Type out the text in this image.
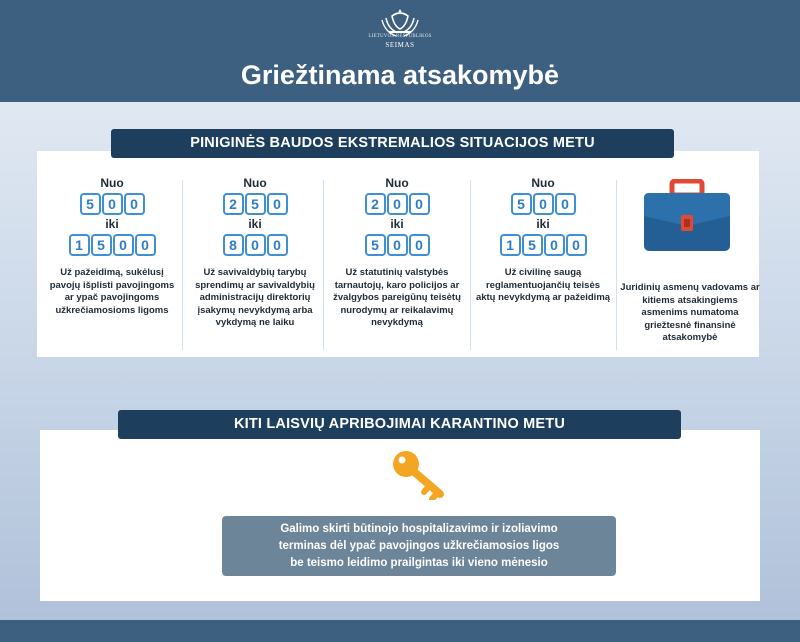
LIETUVOS RESPUBLIKOS
SEIMAS
Griežtinama atsakomybė
PINIGINĖS BAUDOS EKSTREMALIOS SITUACIJOS METU
Nuo
5	0	0
iki
1	5	0	0
Už pažeidimą, sukėlusį pavojų išplisti pavojingoms ar ypač pavojingoms užkrečiamosioms ligoms
Nuo
2	5	0
iki
8	0	0
Už savivaldybių tarybų sprendimų ar savivaldybių administracijų direktorių įsakymų nevykdymą arba vykdymą ne laiku
Nuo
2	0	0
iki
5	0	0
Už statutinių valstybės tarnautojų, karo policijos ar žvalgybos pareigūnų teisėtų nurodymų ar reikalavimų nevykdymą
Nuo
5	0	0
iki
1	5	0	0
Už civilinę saugą reglamentuojančių teisės aktų nevykdymą ar pažeidimą
Juridinių asmenų vadovams ar kitiems atsakingiems asmenims numatoma griežtesnė finansinė atsakomybė
KITI LAISVIŲ APRIBOJIMAI KARANTINO METU
Galimo skirti būtinojo hospitalizavimo ir izoliavimo
terminas dėl ypač pavojingos užkrečiamosios ligos
be teismo leidimo prailgintas iki vieno mėnesio
